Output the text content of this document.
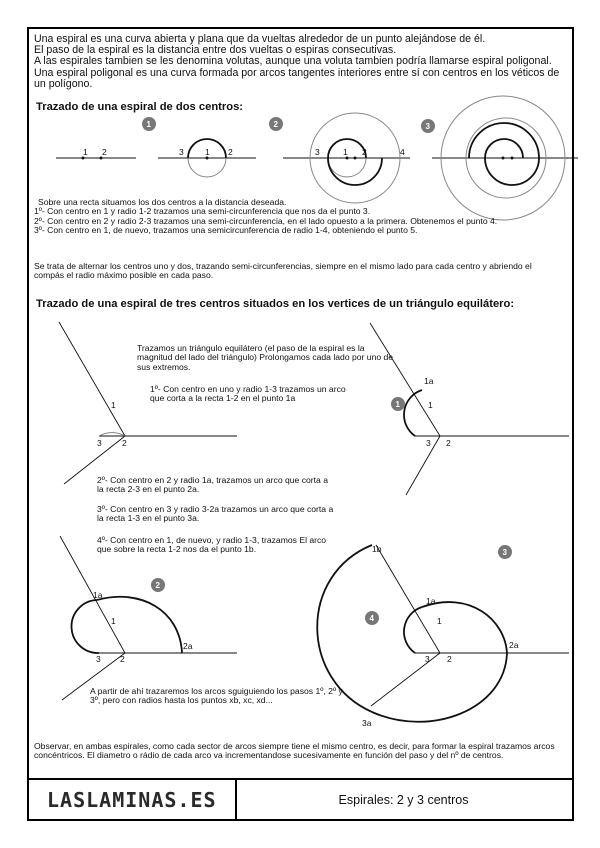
Una espiral es una curva abierta y plana que da vueltas alrededor de un punto alejándose de él.
El paso de la espiral es la distancia entre dos vueltas o espiras consecutivas.
A las espirales tambien se les denomina volutas, aunque una voluta tambien podría llamarse espiral poligonal. Una espiral poligonal es una curva formada por arcos tangentes interiores entre sí con centros en los véticos de un polígono.
Trazado de una espiral de dos centros:
1 2	3	1 2	3	1 2	4
1	2	3
Sobre una recta situamos los dos centros a la distancia deseada.
1º- Con centro en 1 y radio 1-2 trazamos una semi-circunferencia que nos da el punto 3.
2º- Con centro en 2 y radio 2-3 trazamos una semi-circunferencia, en el lado opuesto a la primera. Obtenemos el punto 4.
3º- Con centro en 1, de nuevo, trazamos una semicircunferencia de radio 1-4, obteniendo el punto 5.
Se trata de alternar los centros uno y dos, trazando semi-circunferencias, siempre en el mismo lado para cada centro y abriendo el compás el radio máximo posible en cada paso.
Trazado de una espiral de tres centros situados en los vertices de un triángulo equilátero:
1
3 2
1a
1
3 2
1a
1
3 2
2a
1b
1a
1
3 2
2a
3a
1
2
3
4
Trazamos un triángulo equilátero (el paso de la espiral es la magnitud del lado del triángulo) Prolongamos cada lado por uno de sus extremos.
1º- Con centro en uno y radio 1-3 trazamos un arco que corta a la recta 1-2 en el punto 1a
2º- Con centro en 2 y radio 1a, trazamos un arco que corta a la recta 2-3 en el punto 2a.
3º- Con centro en 3 y radio 3-2a trazamos un arco que corta a la recta 1-3 en el punto 3a.
4º- Con centro en 1, de nuevo, y radio 1-3, trazamos El arco que sobre la recta 1-2 nos da el punto 1b.
A partir de ahí trazaremos los arcos sguiguiendo los pasos 1º, 2º y 3º, pero con radios hasta los puntos xb, xc, xd...
Observar, en ambas espirales, como cada sector de arcos siempre tiene el mismo centro, es decir, para formar la espiral trazamos arcos concéntricos. El diametro o rádio de cada arco va incrementandose sucesivamente en función del paso y del nº de centros.
LASLAMINAS.ES	Espirales: 2 y 3 centros
